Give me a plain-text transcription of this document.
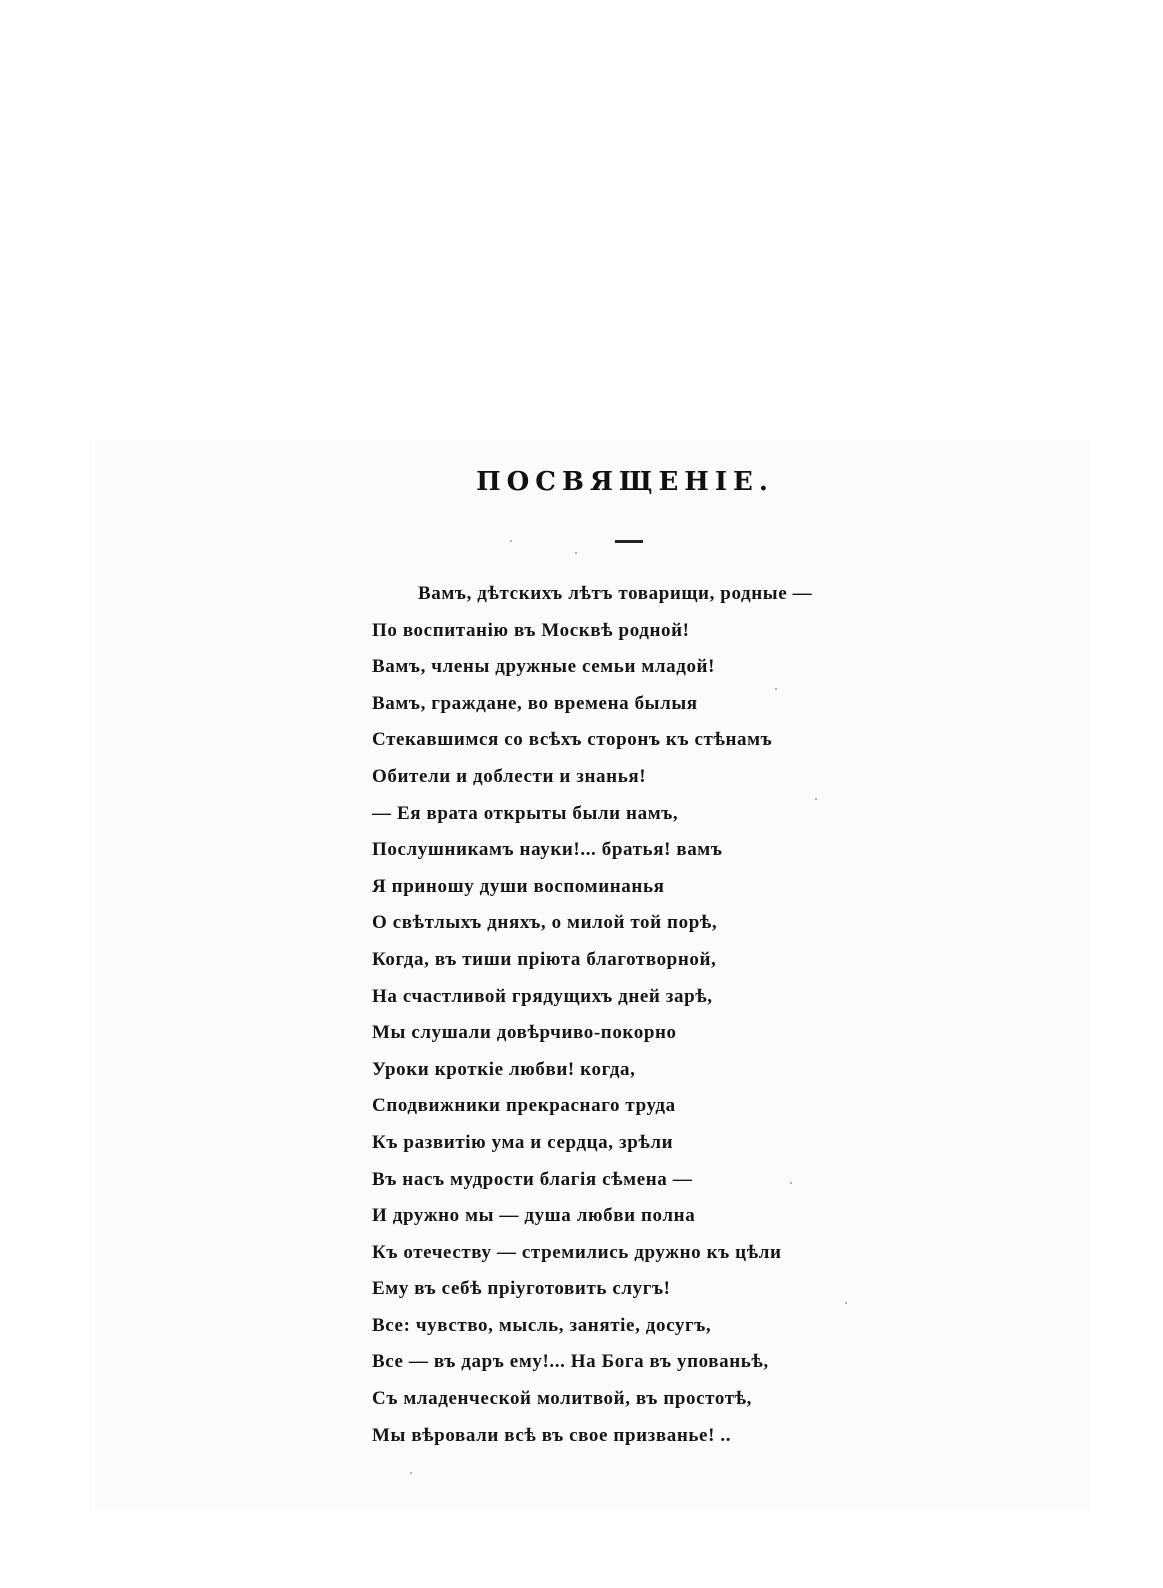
ПОСВЯЩЕНІЕ.
Вамъ, дѣтскихъ лѣтъ товарищи, родные —
По воспитанію въ Москвѣ родной!
Вамъ, члены дружные семьи младой!
Вамъ, граждане, во времена былыя
Стекавшимся со всѣхъ сторонъ къ стѣнамъ
Обители и доблести и знанья!
— Ея врата открыты были намъ,
Послушникамъ науки!... братья! вамъ
Я приношу души воспоминанья
О свѣтлыхъ дняхъ, о милой той порѣ,
Когда, въ тиши пріюта благотворной,
На счастливой грядущихъ дней зарѣ,
Мы слушали довѣрчиво-покорно
Уроки кроткіе любви! когда,
Сподвижники прекраснаго труда
Къ развитію ума и сердца, зрѣли
Въ насъ мудрости благія сѣмена —
И дружно мы — душа любви полна
Къ отечеству — стремились дружно къ цѣли
Ему въ себѣ пріуготовить слугъ!
Все: чувство, мысль, занятіе, досугъ,
Все — въ даръ ему!... На Бога въ упованьѣ,
Съ младенческой молитвой, въ простотѣ,
Мы вѣровали всѣ въ свое призванье! ..
